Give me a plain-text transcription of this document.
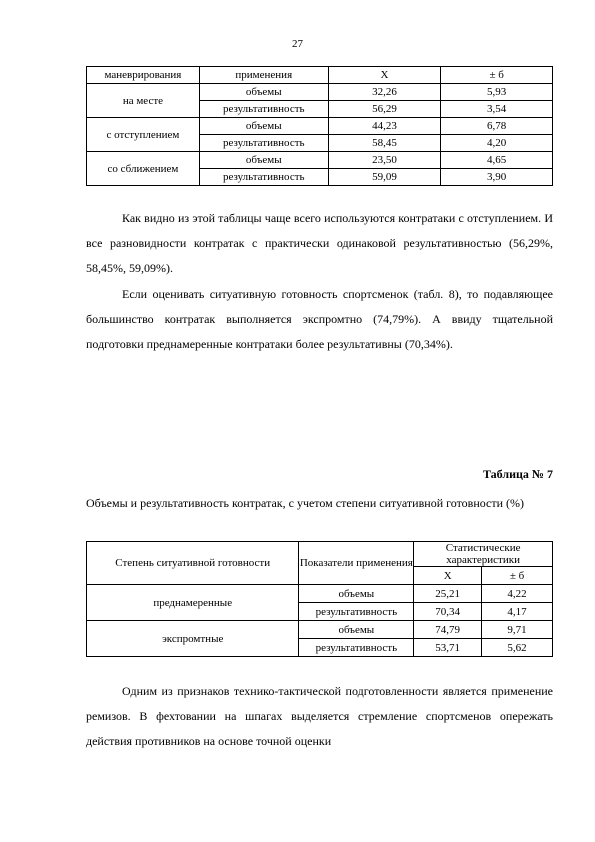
27
маневрирования	применения	X	± б
на месте	объемы	32,26	5,93
	результативность	56,29	3,54
с отступлением	объемы	44,23	6,78
	результативность	58,45	4,20
со сближением	объемы	23,50	4,65
	результативность	59,09	3,90

Как видно из этой таблицы чаще всего используются контратаки с отступлением. И все разновидности контратак с практически одинаковой результативностью (56,29%, 58,45%, 59,09%).

Если оценивать ситуативную готовность спортсменок (табл. 8), то подавляющее большинство контратак выполняется экспромтно (74,79%). А ввиду тщательной подготовки преднамеренные контратаки более результативны (70,34%).

Таблица № 7

Объемы и результативность контратак, с учетом степени ситуативной готовности (%)

Степень ситуативной готовности	Показатели применения	Статистические характеристики	
		X	± б
преднамеренные	объемы	25,21	4,22
	результативность	70,34	4,17
экспромтные	объемы	74,79	9,71
	результативность	53,71	5,62

Одним из признаков технико-тактической подготовленности является применение ремизов. В фехтовании на шпагах выделяется стремление спортсменов опережать действия противников на основе точной оценки
